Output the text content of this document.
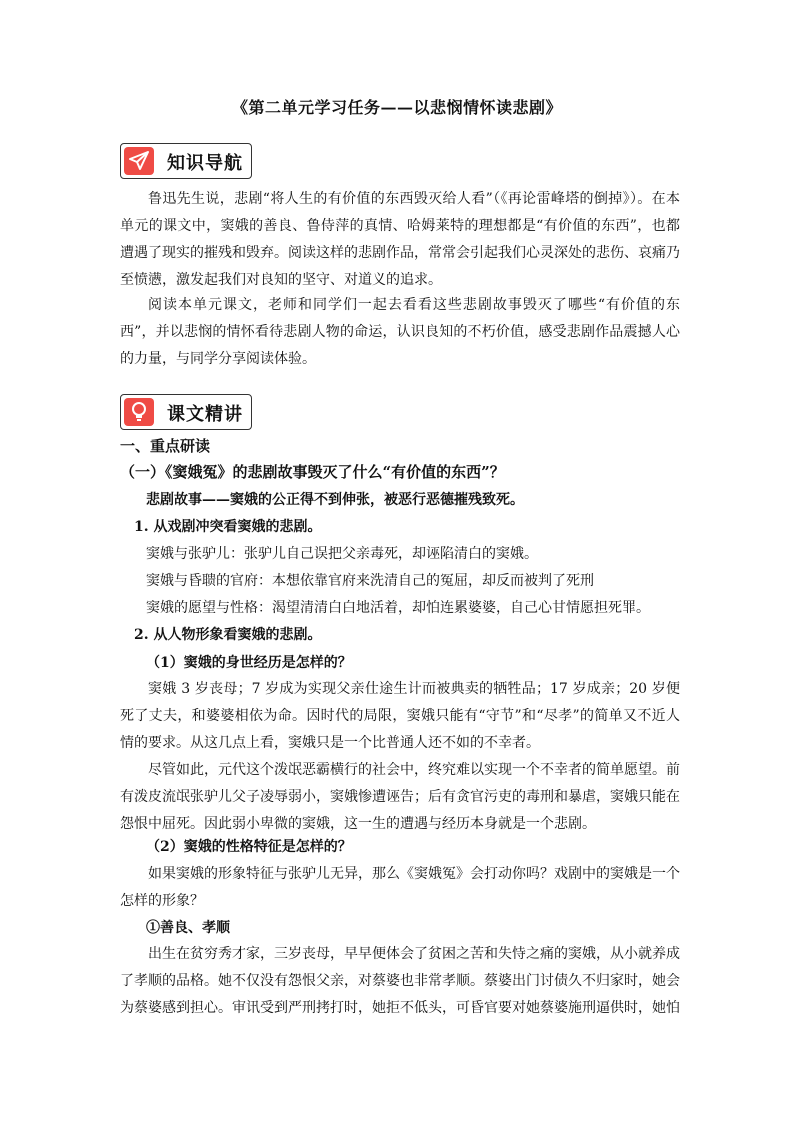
《第二单元学习任务——以悲悯情怀读悲剧》
知识导航

鲁迅先生说，悲剧“将人生的有价值的东西毁灭给人看”（《再论雷峰塔的倒掉》）。在本单元的课文中，窦娥的善良、鲁侍萍的真情、哈姆莱特的理想都是“有价值的东西”，也都遭遇了现实的摧残和毁弃。阅读这样的悲剧作品，常常会引起我们心灵深处的悲伤、哀痛乃至愤懑，激发起我们对良知的坚守、对道义的追求。

阅读本单元课文，老师和同学们一起去看看这些悲剧故事毁灭了哪些“有价值的东西”，并以悲悯的情怀看待悲剧人物的命运，认识良知的不朽价值，感受悲剧作品震撼人心的力量，与同学分享阅读体验。

课文精讲
一、重点研读
（一）《窦娥冤》的悲剧故事毁灭了什么“有价值的东西”？
悲剧故事——窦娥的公正得不到伸张，被恶行恶德摧残致死。
1. 从戏剧冲突看窦娥的悲剧。
窦娥与张驴儿：张驴儿自己误把父亲毒死，却诬陷清白的窦娥。
窦娥与昏聩的官府：本想依靠官府来洗清自己的冤屈，却反而被判了死刑
窦娥的愿望与性格：渴望清清白白地活着，却怕连累婆婆，自己心甘情愿担死罪。
2. 从人物形象看窦娥的悲剧。
（1）窦娥的身世经历是怎样的？

窦娥 3 岁丧母；7 岁成为实现父亲仕途生计而被典卖的牺牲品；17 岁成亲；20 岁便死了丈夫，和婆婆相依为命。因时代的局限，窦娥只能有“守节”和“尽孝”的简单又不近人情的要求。从这几点上看，窦娥只是一个比普通人还不如的不幸者。

尽管如此，元代这个泼氓恶霸横行的社会中，终究难以实现一个不幸者的简单愿望。前有泼皮流氓张驴儿父子凌辱弱小，窦娥惨遭诬告；后有贪官污吏的毒刑和暴虐，窦娥只能在怨恨中屈死。因此弱小卑微的窦娥，这一生的遭遇与经历本身就是一个悲剧。

（2）窦娥的性格特征是怎样的？

如果窦娥的形象特征与张驴儿无异，那么《窦娥冤》会打动你吗？戏剧中的窦娥是一个怎样的形象？

①善良、孝顺

出生在贫穷秀才家，三岁丧母，早早便体会了贫困之苦和失恃之痛的窦娥，从小就养成了孝顺的品格。她不仅没有怨恨父亲，对蔡婆也非常孝顺。蔡婆出门讨债久不归家时，她会为蔡婆感到担心。审讯受到严刑拷打时，她拒不低头，可昏官要对她蔡婆施刑逼供时，她怕
